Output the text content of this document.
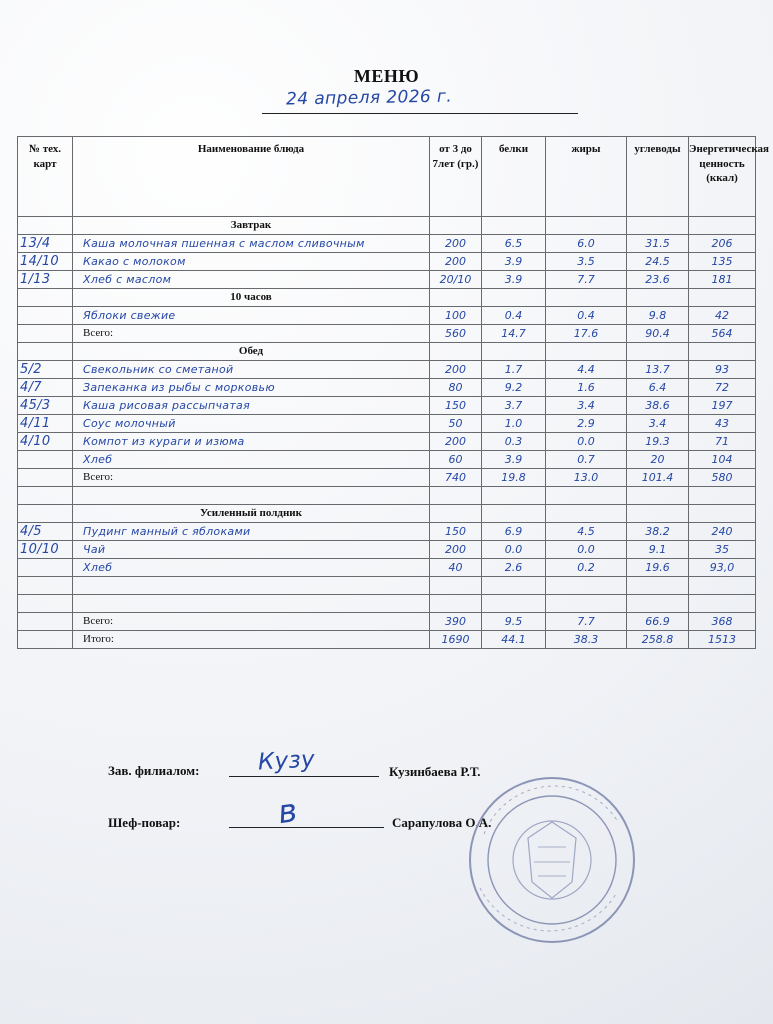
МЕНЮ
24 апреля 2026 г.
№ тех. карт	Наименование блюда	от 3 до 7лет (гр.)	белки	жиры	углеводы	Энергетическая ценность (ккал)
	Завтрак					
13/4	Каша молочная пшенная с маслом сливочным	200	6.5	6.0	31.5	206
14/10	Какао с молоком	200	3.9	3.5	24.5	135
1/13	Хлеб с маслом	20/10	3.9	7.7	23.6	181
	10 часов					
	Яблоки свежие	100	0.4	0.4	9.8	42
	Всего:	560	14.7	17.6	90.4	564
	Обед					
5/2	Свекольник со сметаной	200	1.7	4.4	13.7	93
4/7	Запеканка из рыбы с морковью	80	9.2	1.6	6.4	72
45/3	Каша рисовая рассыпчатая	150	3.7	3.4	38.6	197
4/11	Соус молочный	50	1.0	2.9	3.4	43
4/10	Компот из кураги и изюма	200	0.3	0.0	19.3	71
	Хлеб	60	3.9	0.7	20	104
	Всего:	740	19.8	13.0	101.4	580

	Усиленный полдник					
4/5	Пудинг манный с яблоками	150	6.9	4.5	38.2	240
10/10	Чай	200	0.0	0.0	9.1	35
	Хлеб	40	2.6	0.2	19.6	93,0

	Всего:	390	9.5	7.7	66.9	368
	Итого:	1690	44.1	38.3	258.8	1513
Зав. филиалом:	Кузу	Кузинбаева Р.Т.
Шеф-повар:	в	Сарапулова О.А.
